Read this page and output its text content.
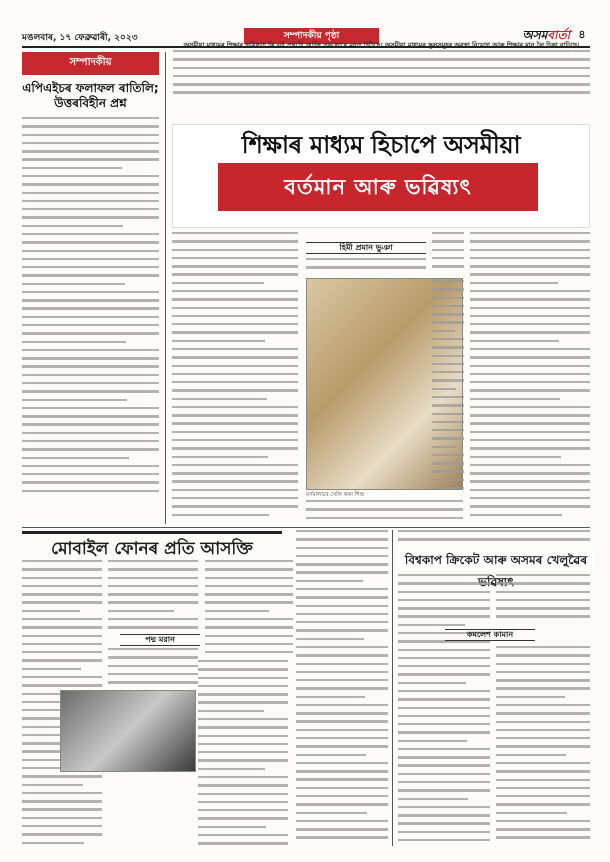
মঙলবাৰ, ১৭ ফেব্ৰুৱাৰী, ২০২৩	সম্পাদকীয় পৃষ্ঠা	অসমবার্তা ৪
সম্পাদকীয়
এপিএইচৰ ফলাফল ৰাতিলি; উত্তৰবিহীন প্ৰশ্ন
অসমীয়া মাধ্যমৰ শিক্ষাৰ ভৱিষ্যত কি এই প্ৰশ্নটো আজি সকলোৰে মনত উঠিছে। অসমীয়া মাধ্যমৰ স্কুলসমূহৰ অৱস্থা নিয়োগ আৰু শিক্ষাৰ মান লৈ চিন্তা বাঢ়িছে।
শিক্ষাৰ মাধ্যম হিচাপে অসমীয়া
বৰ্তমান আৰু ভৱিষ্যৎ
হিমী প্ৰমান ভুঞা
বৰ্ণমালাৰে খেলি থকা শিশু
মোবাইল ফোনৰ প্ৰতি আসক্তি
পদ্ম মরান
বিশ্বকাপ ক্ৰিকেট আৰু অসমৰ খেলুৱৈৰ
কমলেশ কামান
